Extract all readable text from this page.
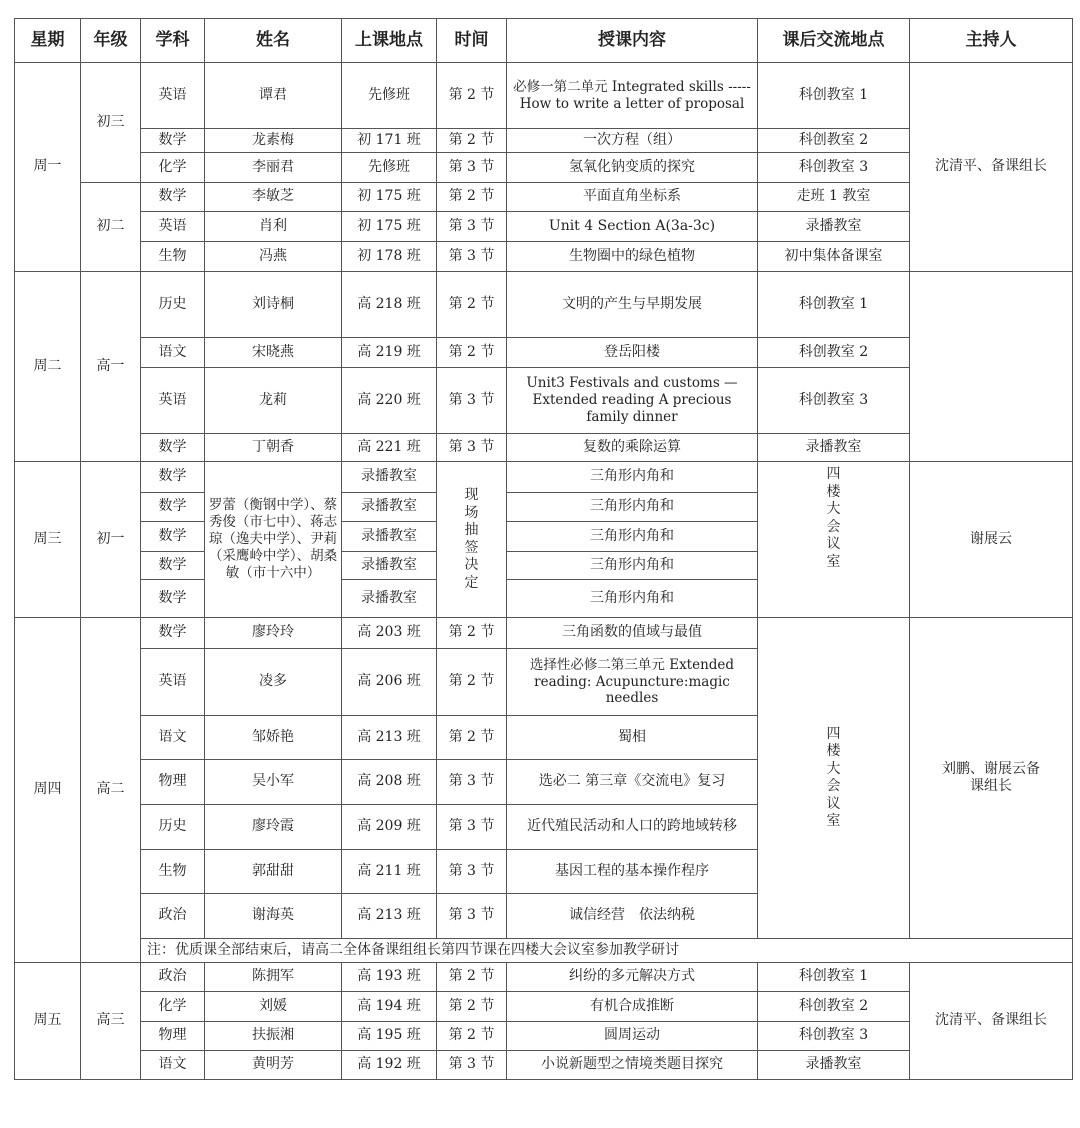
星期	年级	学科	姓名	上课地点	时间	授课内容	课后交流地点	主持人
周一	初三	英语	谭君	先修班	第 2 节	必修一第二单元 Integrated skills -----How to write a letter of proposal	科创教室 1	沈清平、备课组长
		数学	龙素梅	初 171 班	第 2 节	一次方程（组）	科创教室 2	
		化学	李丽君	先修班	第 3 节	氢氧化钠变质的探究	科创教室 3	
	初二	数学	李敏芝	初 175 班	第 2 节	平面直角坐标系	走班 1 教室	
		英语	肖利	初 175 班	第 3 节	Unit 4 Section A(3a-3c)	录播教室	
		生物	冯燕	初 178 班	第 3 节	生物圈中的绿色植物	初中集体备课室	
周二	高一	历史	刘诗桐	高 218 班	第 2 节	文明的产生与早期发展	科创教室 1	
		语文	宋晓燕	高 219 班	第 2 节	登岳阳楼	科创教室 2	
		英语	龙莉	高 220 班	第 3 节	Unit3 Festivals and customs —Extended reading A precious family dinner	科创教室 3	
		数学	丁朝香	高 221 班	第 3 节	复数的乘除运算	录播教室	
周三	初一	数学	罗蕾（衡钢中学）、蔡秀俊（市七中）、蒋志琼（逸夫中学）、尹莉（采鹰岭中学）、胡桑敏（市十六中）	录播教室	现场抽签决定	三角形内角和	四楼大会议室	谢展云
		数学		录播教室		三角形内角和		
		数学		录播教室		三角形内角和		
		数学		录播教室		三角形内角和		
		数学		录播教室		三角形内角和		
周四	高二	数学	廖玲玲	高 203 班	第 2 节	三角函数的值域与最值	四楼大会议室	刘鹏、谢展云备课组长
		英语	凌多	高 206 班	第 2 节	选择性必修二第三单元 Extended reading: Acupuncture:magic needles		
		语文	邹娇艳	高 213 班	第 2 节	蜀相		
		物理	吴小军	高 208 班	第 3 节	选必二 第三章《交流电》复习		
		历史	廖玲霞	高 209 班	第 3 节	近代殖民活动和人口的跨地域转移		
		生物	郭甜甜	高 211 班	第 3 节	基因工程的基本操作程序		
		政治	谢海英	高 213 班	第 3 节	诚信经营　依法纳税		
		注：优质课全部结束后，请高二全体备课组组长第四节课在四楼大会议室参加教学研讨						
周五	高三	政治	陈拥军	高 193 班	第 2 节	纠纷的多元解决方式	科创教室 1	沈清平、备课组长
		化学	刘媛	高 194 班	第 2 节	有机合成推断	科创教室 2	
		物理	扶振湘	高 195 班	第 2 节	圆周运动	科创教室 3	
		语文	黄明芳	高 192 班	第 3 节	小说新题型之情境类题目探究	录播教室	
